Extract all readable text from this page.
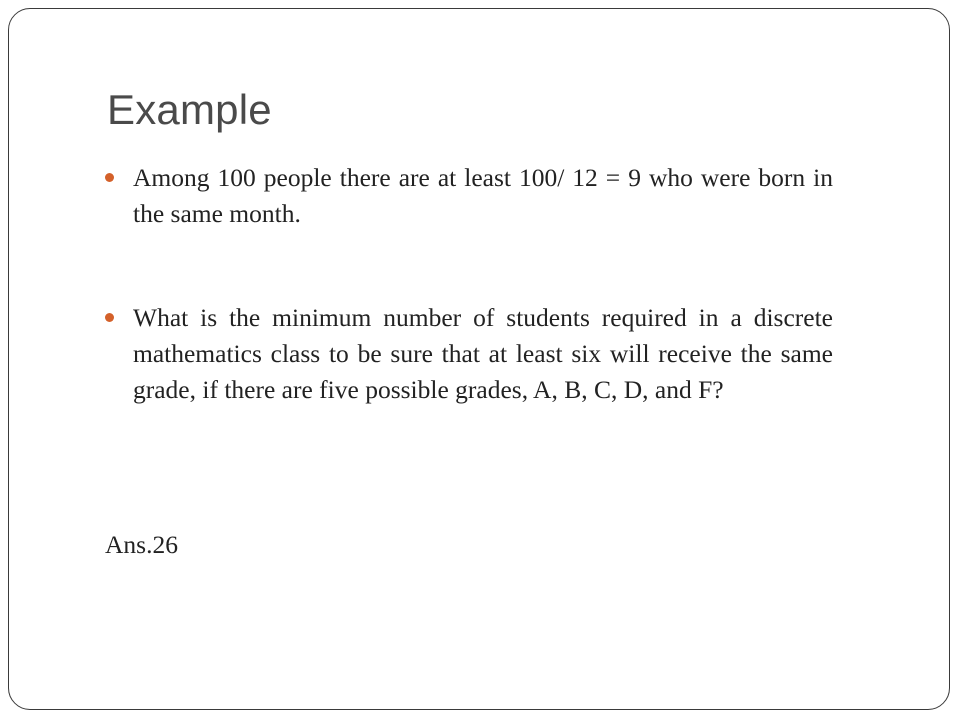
Example
Among 100 people there are at least 100/ 12 = 9 who were born in the same month.
What is the minimum number of students required in a discrete mathematics class to be sure that at least six will receive the same grade, if there are five possible grades, A, B, C, D, and F?
Ans.26
